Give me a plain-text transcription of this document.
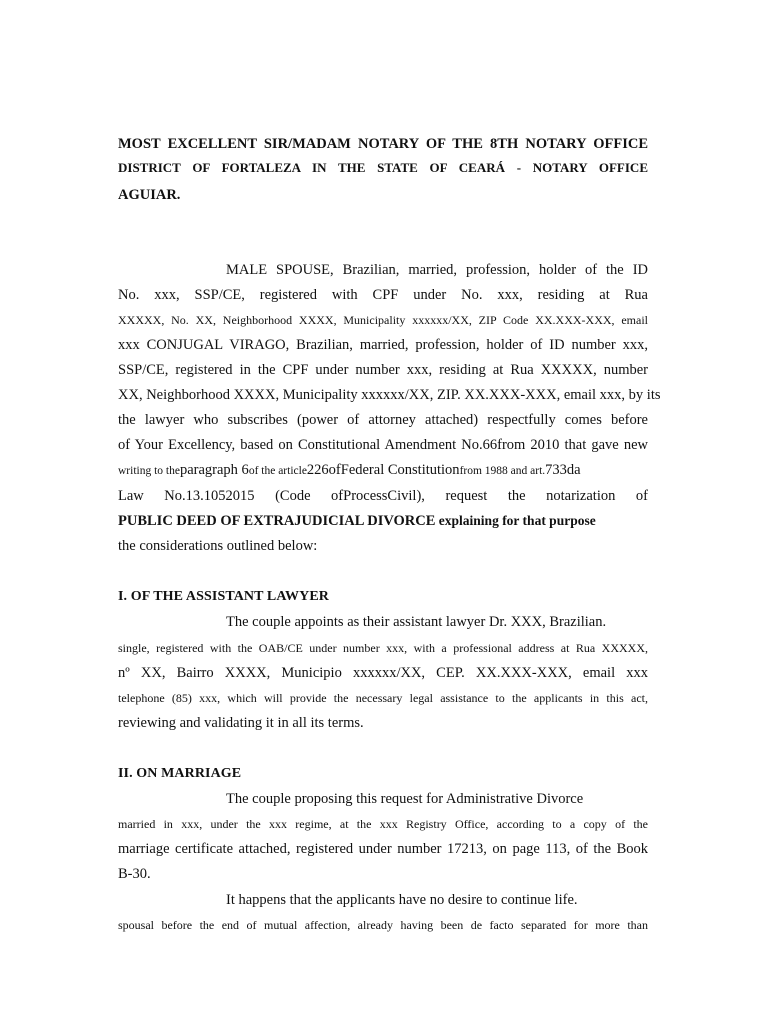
MOST EXCELLENT SIR/MADAM NOTARY OF THE 8TH NOTARY OFFICE

DISTRICT OF FORTALEZA IN THE STATE OF CEARÁ - NOTARY OFFICE

AGUIAR.

MALE SPOUSE, Brazilian, married, profession, holder of the ID

No. xxx, SSP/CE, registered with CPF under No. xxx, residing at Rua

XXXXX, No. XX, Neighborhood XXXX, Municipality xxxxxx/XX, ZIP Code XX.XXX-XXX, email

xxx CONJUGAL VIRAGO, Brazilian, married, profession, holder of ID number xxx,

SSP/CE, registered in the CPF under number xxx, residing at Rua XXXXX, number

XX, Neighborhood XXXX, Municipality xxxxxx/XX, ZIP. XX.XXX-XXX, email xxx, by its

the lawyer who subscribes (power of attorney attached) respectfully comes before

of Your Excellency, based on Constitutional Amendment No.66from 2010 that gave new

writing to theparagraph 6of the article226ofFederal Constitutionfrom 1988 and art.733da

Law No.13.1052015 (Code ofProcessCivil), request the notarization of

PUBLIC DEED OF EXTRAJUDICIAL DIVORCE explaining for that purpose

the considerations outlined below:

I. OF THE ASSISTANT LAWYER

The couple appoints as their assistant lawyer Dr. XXX, Brazilian.

single, registered with the OAB/CE under number xxx, with a professional address at Rua XXXXX,

nº XX, Bairro XXXX, Municipio xxxxxx/XX, CEP. XX.XXX-XXX, email xxx

telephone (85) xxx, which will provide the necessary legal assistance to the applicants in this act,

reviewing and validating it in all its terms.

II. ON MARRIAGE

The couple proposing this request for Administrative Divorce

married in xxx, under the xxx regime, at the xxx Registry Office, according to a copy of the

marriage certificate attached, registered under number 17213, on page 113, of the Book

B-30.

It happens that the applicants have no desire to continue life.

spousal before the end of mutual affection, already having been de facto separated for more than
